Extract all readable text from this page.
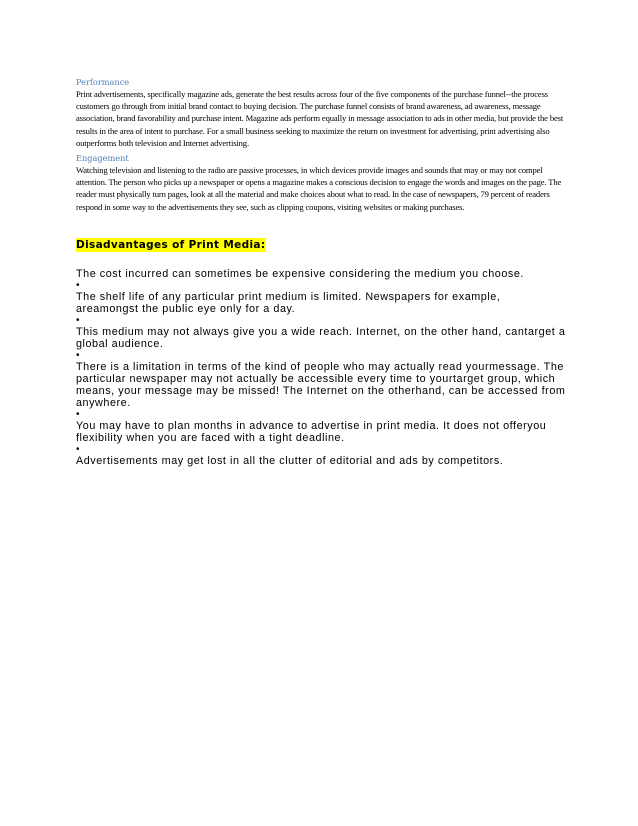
Performance

Print advertisements, specifically magazine ads, generate the best results across four of the five components of the purchase funnel--the process customers go through from initial brand contact to buying decision. The purchase funnel consists of brand awareness, ad awareness, message association, brand favorability and purchase intent. Magazine ads perform equally in message association to ads in other media, but provide the best results in the area of intent to purchase. For a small business seeking to maximize the return on investment for advertising, print advertising also outperforms both television and Internet advertising.

Engagement

Watching television and listening to the radio are passive processes, in which devices provide images and sounds that may or may not compel attention. The person who picks up a newspaper or opens a magazine makes a conscious decision to engage the words and images on the page. The reader must physically turn pages, look at all the material and make choices about what to read. In the case of newspapers, 79 percent of readers respond in some way to the advertisements they see, such as clipping coupons, visiting websites or making purchases.

Disadvantages of Print Media:

The cost incurred can sometimes be expensive considering the medium you choose.

•

The shelf life of any particular print medium is limited. Newspapers for example, areamongst the public eye only for a day.

•

This medium may not always give you a wide reach. Internet, on the other hand, cantarget a global audience.

•

There is a limitation in terms of the kind of people who may actually read yourmessage. The particular newspaper may not actually be accessible every time to yourtarget group, which means, your message may be missed! The Internet on the otherhand, can be accessed from anywhere.

•

You may have to plan months in advance to advertise in print media. It does not offeryou flexibility when you are faced with a tight deadline.

•

Advertisements may get lost in all the clutter of editorial and ads by competitors.
